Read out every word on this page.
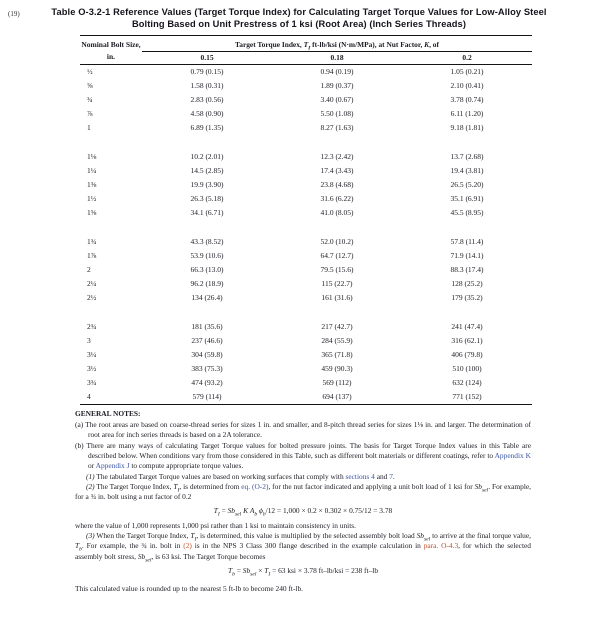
(19)	Table O-3.2-1 Reference Values (Target Torque Index) for Calculating Target Torque Values for Low-Alloy Steel
Bolting Based on Unit Prestress of 1 ksi (Root Area) (Inch Series Threads)
Nominal Bolt Size,	Target Torque Index, $T_I$ ft-lb/ksi (N·m/MPa), at Nut Factor, K, of		
in.	0.15	0.18	0.2
½	0.79 (0.15)	0.94 (0.19)	1.05 (0.21)
⅝	1.58 (0.31)	1.89 (0.37)	2.10 (0.41)
¾	2.83 (0.56)	3.40 (0.67)	3.78 (0.74)
⅞	4.58 (0.90)	5.50 (1.08)	6.11 (1.20)
1	6.89 (1.35)	8.27 (1.63)	9.18 (1.81)

1⅛	10.2 (2.01)	12.3 (2.42)	13.7 (2.68)
1¼	14.5 (2.85)	17.4 (3.43)	19.4 (3.81)
1⅜	19.9 (3.90)	23.8 (4.68)	26.5 (5.20)
1½	26.3 (5.18)	31.6 (6.22)	35.1 (6.91)
1⅝	34.1 (6.71)	41.0 (8.05)	45.5 (8.95)

1¾	43.3 (8.52)	52.0 (10.2)	57.8 (11.4)
1⅞	53.9 (10.6)	64.7 (12.7)	71.9 (14.1)
2	66.3 (13.0)	79.5 (15.6)	88.3 (17.4)
2¼	96.2 (18.9)	115 (22.7)	128 (25.2)
2½	134 (26.4)	161 (31.6)	179 (35.2)

2¾	181 (35.6)	217 (42.7)	241 (47.4)
3	237 (46.6)	284 (55.9)	316 (62.1)
3¼	304 (59.8)	365 (71.8)	406 (79.8)
3½	383 (75.3)	459 (90.3)	510 (100)
3¾	474 (93.2)	569 (112)	632 (124)
4	579 (114)	694 (137)	771 (152)
GENERAL NOTES:

(a) The root areas are based on coarse-thread series for sizes 1 in. and smaller, and 8-pitch thread series for sizes 1⅛ in. and larger. The determination of root area for inch series threads is based on a 2A tolerance.

(b) There are many ways of calculating Target Torque values for bolted pressure joints. The basis for Target Torque Index values in this Table are described below. When conditions vary from those considered in this Table, such as different bolt materials or different coatings, refer to Appendix K or Appendix J to compute appropriate torque values.

(1) The tabulated Target Torque values are based on working surfaces that comply with sections 4 and 7.

(2) The Target Torque Index, $T_I$, is determined from eq. (O-2), for the nut factor indicated and applying a unit bolt load of 1 ksi for $Sb_{sel}$. For example, for a ¾ in. bolt using a nut factor of 0.2

$T_I = Sb_{sel}$ K $A_b$ $\phi_b/12 = 1,000 \times 0.2 \times 0.302 \times 0.75/12 = 3.78$

where the value of 1,000 represents 1,000 psi rather than 1 ksi to maintain consistency in units.

(3) When the Target Torque Index, $T_I$, is determined, this value is multiplied by the selected assembly bolt load $Sb_{sel}$ to arrive at the final torque value, $T_b$. For example, the ¾ in. bolt in (2) is in the NPS 3 Class 300 flange described in the example calculation in para. O-4.3, for which the selected assembly bolt stress, $Sb_{sel}$, is 63 ksi. The Target Torque becomes

$T_b = Sb_{sel} \times T_I = 63$ ksi × 3.78 ft–lb/ksi = 238 ft–lb

This calculated value is rounded up to the nearest 5 ft-lb to become 240 ft-lb.
